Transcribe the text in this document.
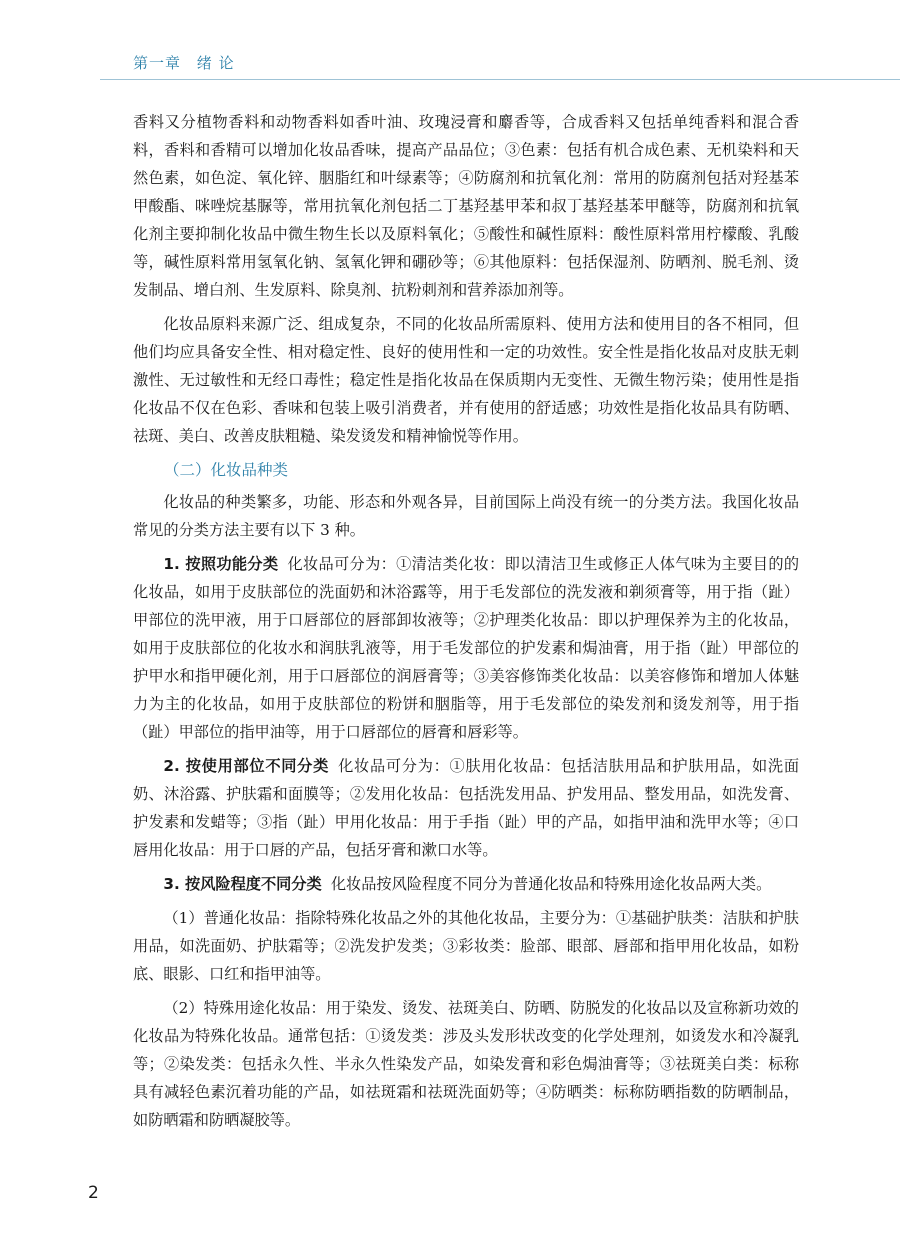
第一章 绪 论

香料又分植物香料和动物香料如香叶油、玫瑰浸膏和麝香等，合成香料又包括单纯香料和混合香料，香料和香精可以增加化妆品香味，提高产品品位；③色素：包括有机合成色素、无机染料和天然色素，如色淀、氧化锌、胭脂红和叶绿素等；④防腐剂和抗氧化剂：常用的防腐剂包括对羟基苯甲酸酯、咪唑烷基脲等，常用抗氧化剂包括二丁基羟基甲苯和叔丁基羟基苯甲醚等，防腐剂和抗氧化剂主要抑制化妆品中微生物生长以及原料氧化；⑤酸性和碱性原料：酸性原料常用柠檬酸、乳酸等，碱性原料常用氢氧化钠、氢氧化钾和硼砂等；⑥其他原料：包括保湿剂、防晒剂、脱毛剂、烫发制品、增白剂、生发原料、除臭剂、抗粉刺剂和营养添加剂等。

化妆品原料来源广泛、组成复杂，不同的化妆品所需原料、使用方法和使用目的各不相同，但他们均应具备安全性、相对稳定性、良好的使用性和一定的功效性。安全性是指化妆品对皮肤无刺激性、无过敏性和无经口毒性；稳定性是指化妆品在保质期内无变性、无微生物污染；使用性是指化妆品不仅在色彩、香味和包装上吸引消费者，并有使用的舒适感；功效性是指化妆品具有防晒、祛斑、美白、改善皮肤粗糙、染发烫发和精神愉悦等作用。

（二）化妆品种类

化妆品的种类繁多，功能、形态和外观各异，目前国际上尚没有统一的分类方法。我国化妆品常见的分类方法主要有以下 3 种。

1. 按照功能分类 化妆品可分为：①清洁类化妆：即以清洁卫生或修正人体气味为主要目的的化妆品，如用于皮肤部位的洗面奶和沐浴露等，用于毛发部位的洗发液和剃须膏等，用于指（趾）甲部位的洗甲液，用于口唇部位的唇部卸妆液等；②护理类化妆品：即以护理保养为主的化妆品，如用于皮肤部位的化妆水和润肤乳液等，用于毛发部位的护发素和焗油膏，用于指（趾）甲部位的护甲水和指甲硬化剂，用于口唇部位的润唇膏等；③美容修饰类化妆品：以美容修饰和增加人体魅力为主的化妆品，如用于皮肤部位的粉饼和胭脂等，用于毛发部位的染发剂和烫发剂等，用于指（趾）甲部位的指甲油等，用于口唇部位的唇膏和唇彩等。

2. 按使用部位不同分类 化妆品可分为：①肤用化妆品：包括洁肤用品和护肤用品，如洗面奶、沐浴露、护肤霜和面膜等；②发用化妆品：包括洗发用品、护发用品、整发用品，如洗发膏、护发素和发蜡等；③指（趾）甲用化妆品：用于手指（趾）甲的产品，如指甲油和洗甲水等；④口唇用化妆品：用于口唇的产品，包括牙膏和漱口水等。

3. 按风险程度不同分类 化妆品按风险程度不同分为普通化妆品和特殊用途化妆品两大类。

（1）普通化妆品：指除特殊化妆品之外的其他化妆品，主要分为：①基础护肤类：洁肤和护肤用品，如洗面奶、护肤霜等；②洗发护发类；③彩妆类：脸部、眼部、唇部和指甲用化妆品，如粉底、眼影、口红和指甲油等。

（2）特殊用途化妆品：用于染发、烫发、祛斑美白、防晒、防脱发的化妆品以及宣称新功效的化妆品为特殊化妆品。通常包括：①烫发类：涉及头发形状改变的化学处理剂，如烫发水和冷凝乳等；②染发类：包括永久性、半永久性染发产品，如染发膏和彩色焗油膏等；③祛斑美白类：标称具有减轻色素沉着功能的产品，如祛斑霜和祛斑洗面奶等；④防晒类：标称防晒指数的防晒制品，如防晒霜和防晒凝胶等。

2
